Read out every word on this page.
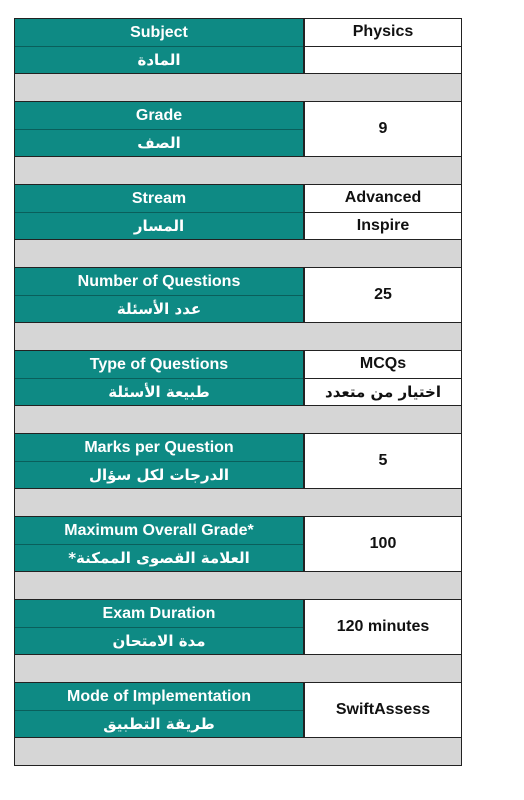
Subject
المادة
Physics
Grade
الصف
9
Stream
المسار
Advanced
Inspire
Number of Questions
عدد الأسئلة
25
Type of Questions
طبيعة الأسئلة
MCQs
اختيار من متعدد
Marks per Question
الدرجات لكل سؤال
5
Maximum Overall Grade*
العلامة القصوى الممكنة*
100
Exam Duration
مدة الامتحان
120 minutes
Mode of Implementation
طريقة التطبيق
SwiftAssess
